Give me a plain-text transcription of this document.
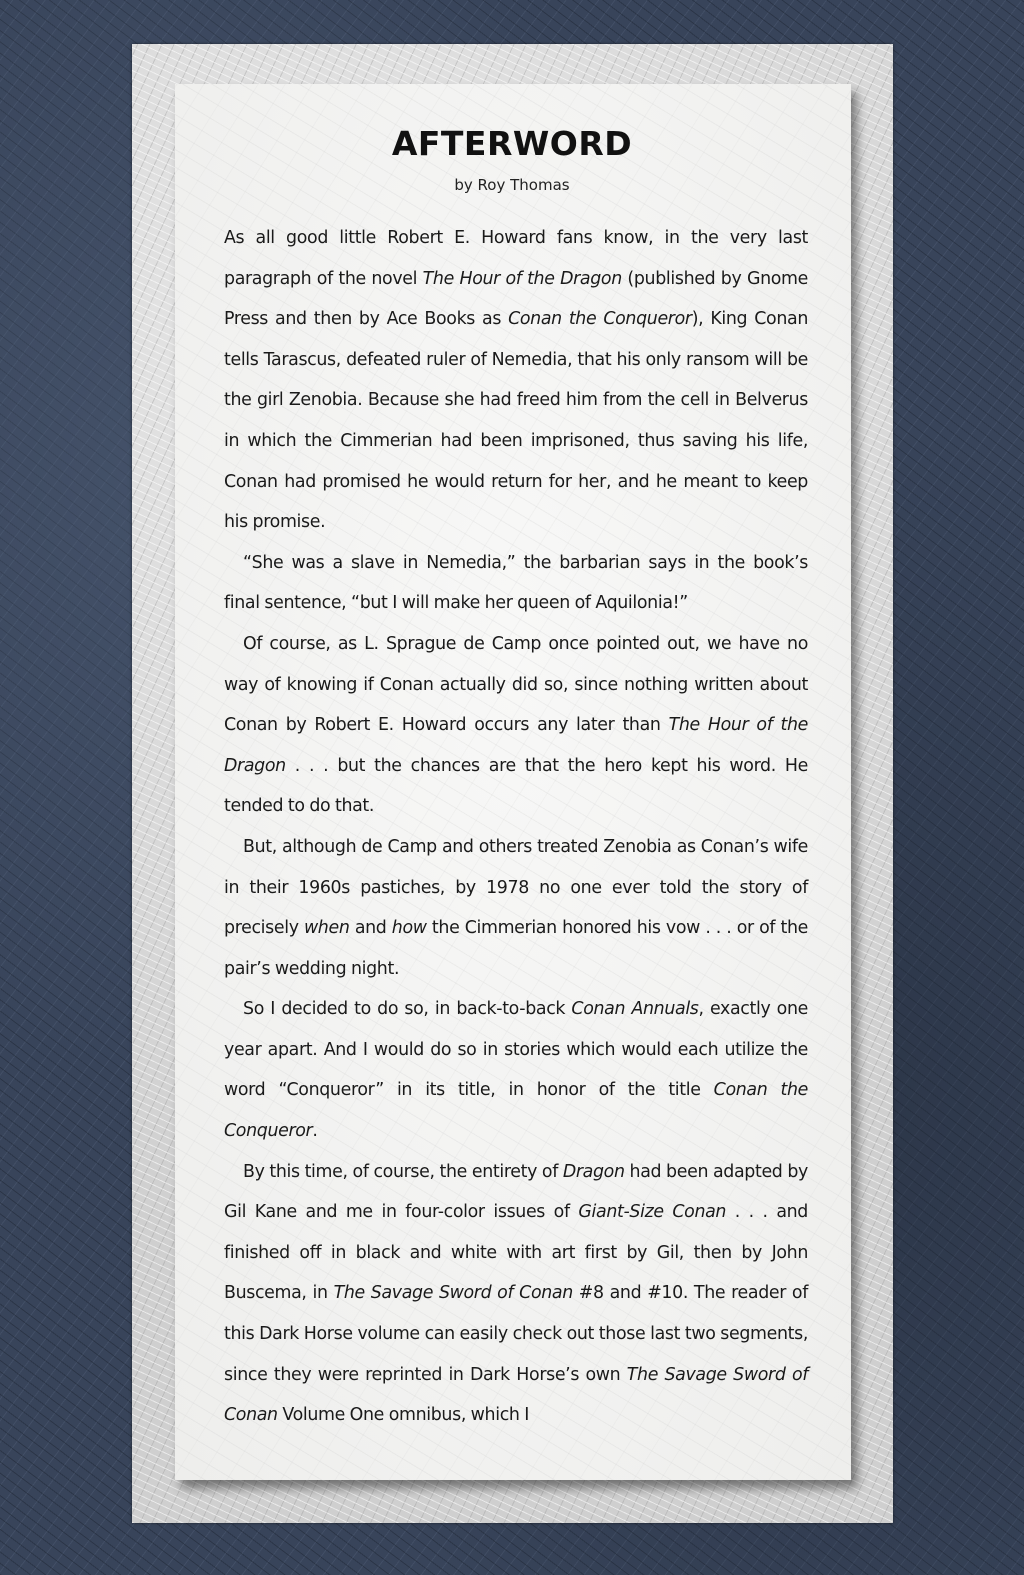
AFTERWORD
by Roy Thomas

As all good little Robert E. Howard fans know, in the very last paragraph of the novel The Hour of the Dragon (published by Gnome Press and then by Ace Books as Conan the Conqueror), King Conan tells Tarascus, defeated ruler of Nemedia, that his only ransom will be the girl Zenobia. Because she had freed him from the cell in Belverus in which the Cimmerian had been imprisoned, thus saving his life, Conan had promised he would return for her, and he meant to keep his promise.

“She was a slave in Nemedia,” the barbarian says in the book’s final sentence, “but I will make her queen of Aquilonia!”

Of course, as L. Sprague de Camp once pointed out, we have no way of knowing if Conan actually did so, since nothing written about Conan by Robert E. Howard occurs any later than The Hour of the Dragon . . . but the chances are that the hero kept his word. He tended to do that.

But, although de Camp and others treated Zenobia as Conan’s wife in their 1960s pastiches, by 1978 no one ever told the story of precisely when and how the Cimmerian honored his vow . . . or of the pair’s wedding night.

So I decided to do so, in back-to-back Conan Annuals, exactly one year apart. And I would do so in stories which would each utilize the word “Conqueror” in its title, in honor of the title Conan the Conqueror.

By this time, of course, the entirety of Dragon had been adapted by Gil Kane and me in four-color issues of Giant-Size Conan . . . and finished off in black and white with art first by Gil, then by John Buscema, in The Savage Sword of Conan #8 and #10. The reader of this Dark Horse volume can easily check out those last two segments, since they were reprinted in Dark Horse’s own The Savage Sword of Conan Volume One omnibus, which I
